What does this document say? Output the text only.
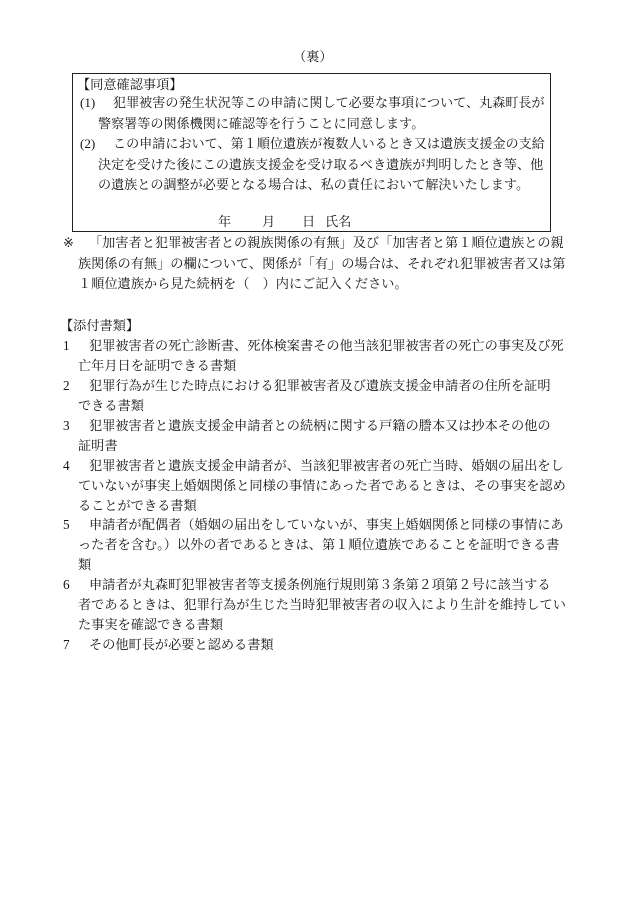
（裏）
【同意確認事項】
(1)	犯罪被害の発生状況等この申請に関して必要な事項について、丸森町長が
警察署等の関係機関に確認等を行うことに同意します。
(2)	この申請において、第１順位遺族が複数人いるとき又は遺族支援金の支給
決定を受けた後にこの遺族支援金を受け取るべき遺族が判明したとき等、他
の遺族との調整が必要となる場合は、私の責任において解決いたします。
年 月 日 氏名
※	「加害者と犯罪被害者との親族関係の有無」及び「加害者と第１順位遺族との親
族関係の有無」の欄について、関係が「有」の場合は、それぞれ犯罪被害者又は第
１順位遺族から見た続柄を（　）内にご記入ください。
【添付書類】
1	犯罪被害者の死亡診断書、死体検案書その他当該犯罪被害者の死亡の事実及び死
亡年月日を証明できる書類
2	犯罪行為が生じた時点における犯罪被害者及び遺族支援金申請者の住所を証明
できる書類
3	犯罪被害者と遺族支援金申請者との続柄に関する戸籍の謄本又は抄本その他の
証明書
4	犯罪被害者と遺族支援金申請者が、当該犯罪被害者の死亡当時、婚姻の届出をし
ていないが事実上婚姻関係と同様の事情にあった者であるときは、その事実を認め
ることができる書類
5	申請者が配偶者（婚姻の届出をしていないが、事実上婚姻関係と同様の事情にあ
った者を含む。）以外の者であるときは、第１順位遺族であることを証明できる書
類
6	申請者が丸森町犯罪被害者等支援条例施行規則第３条第２項第２号に該当する
者であるときは、犯罪行為が生じた当時犯罪被害者の収入により生計を維持してい
た事実を確認できる書類
7	その他町長が必要と認める書類
